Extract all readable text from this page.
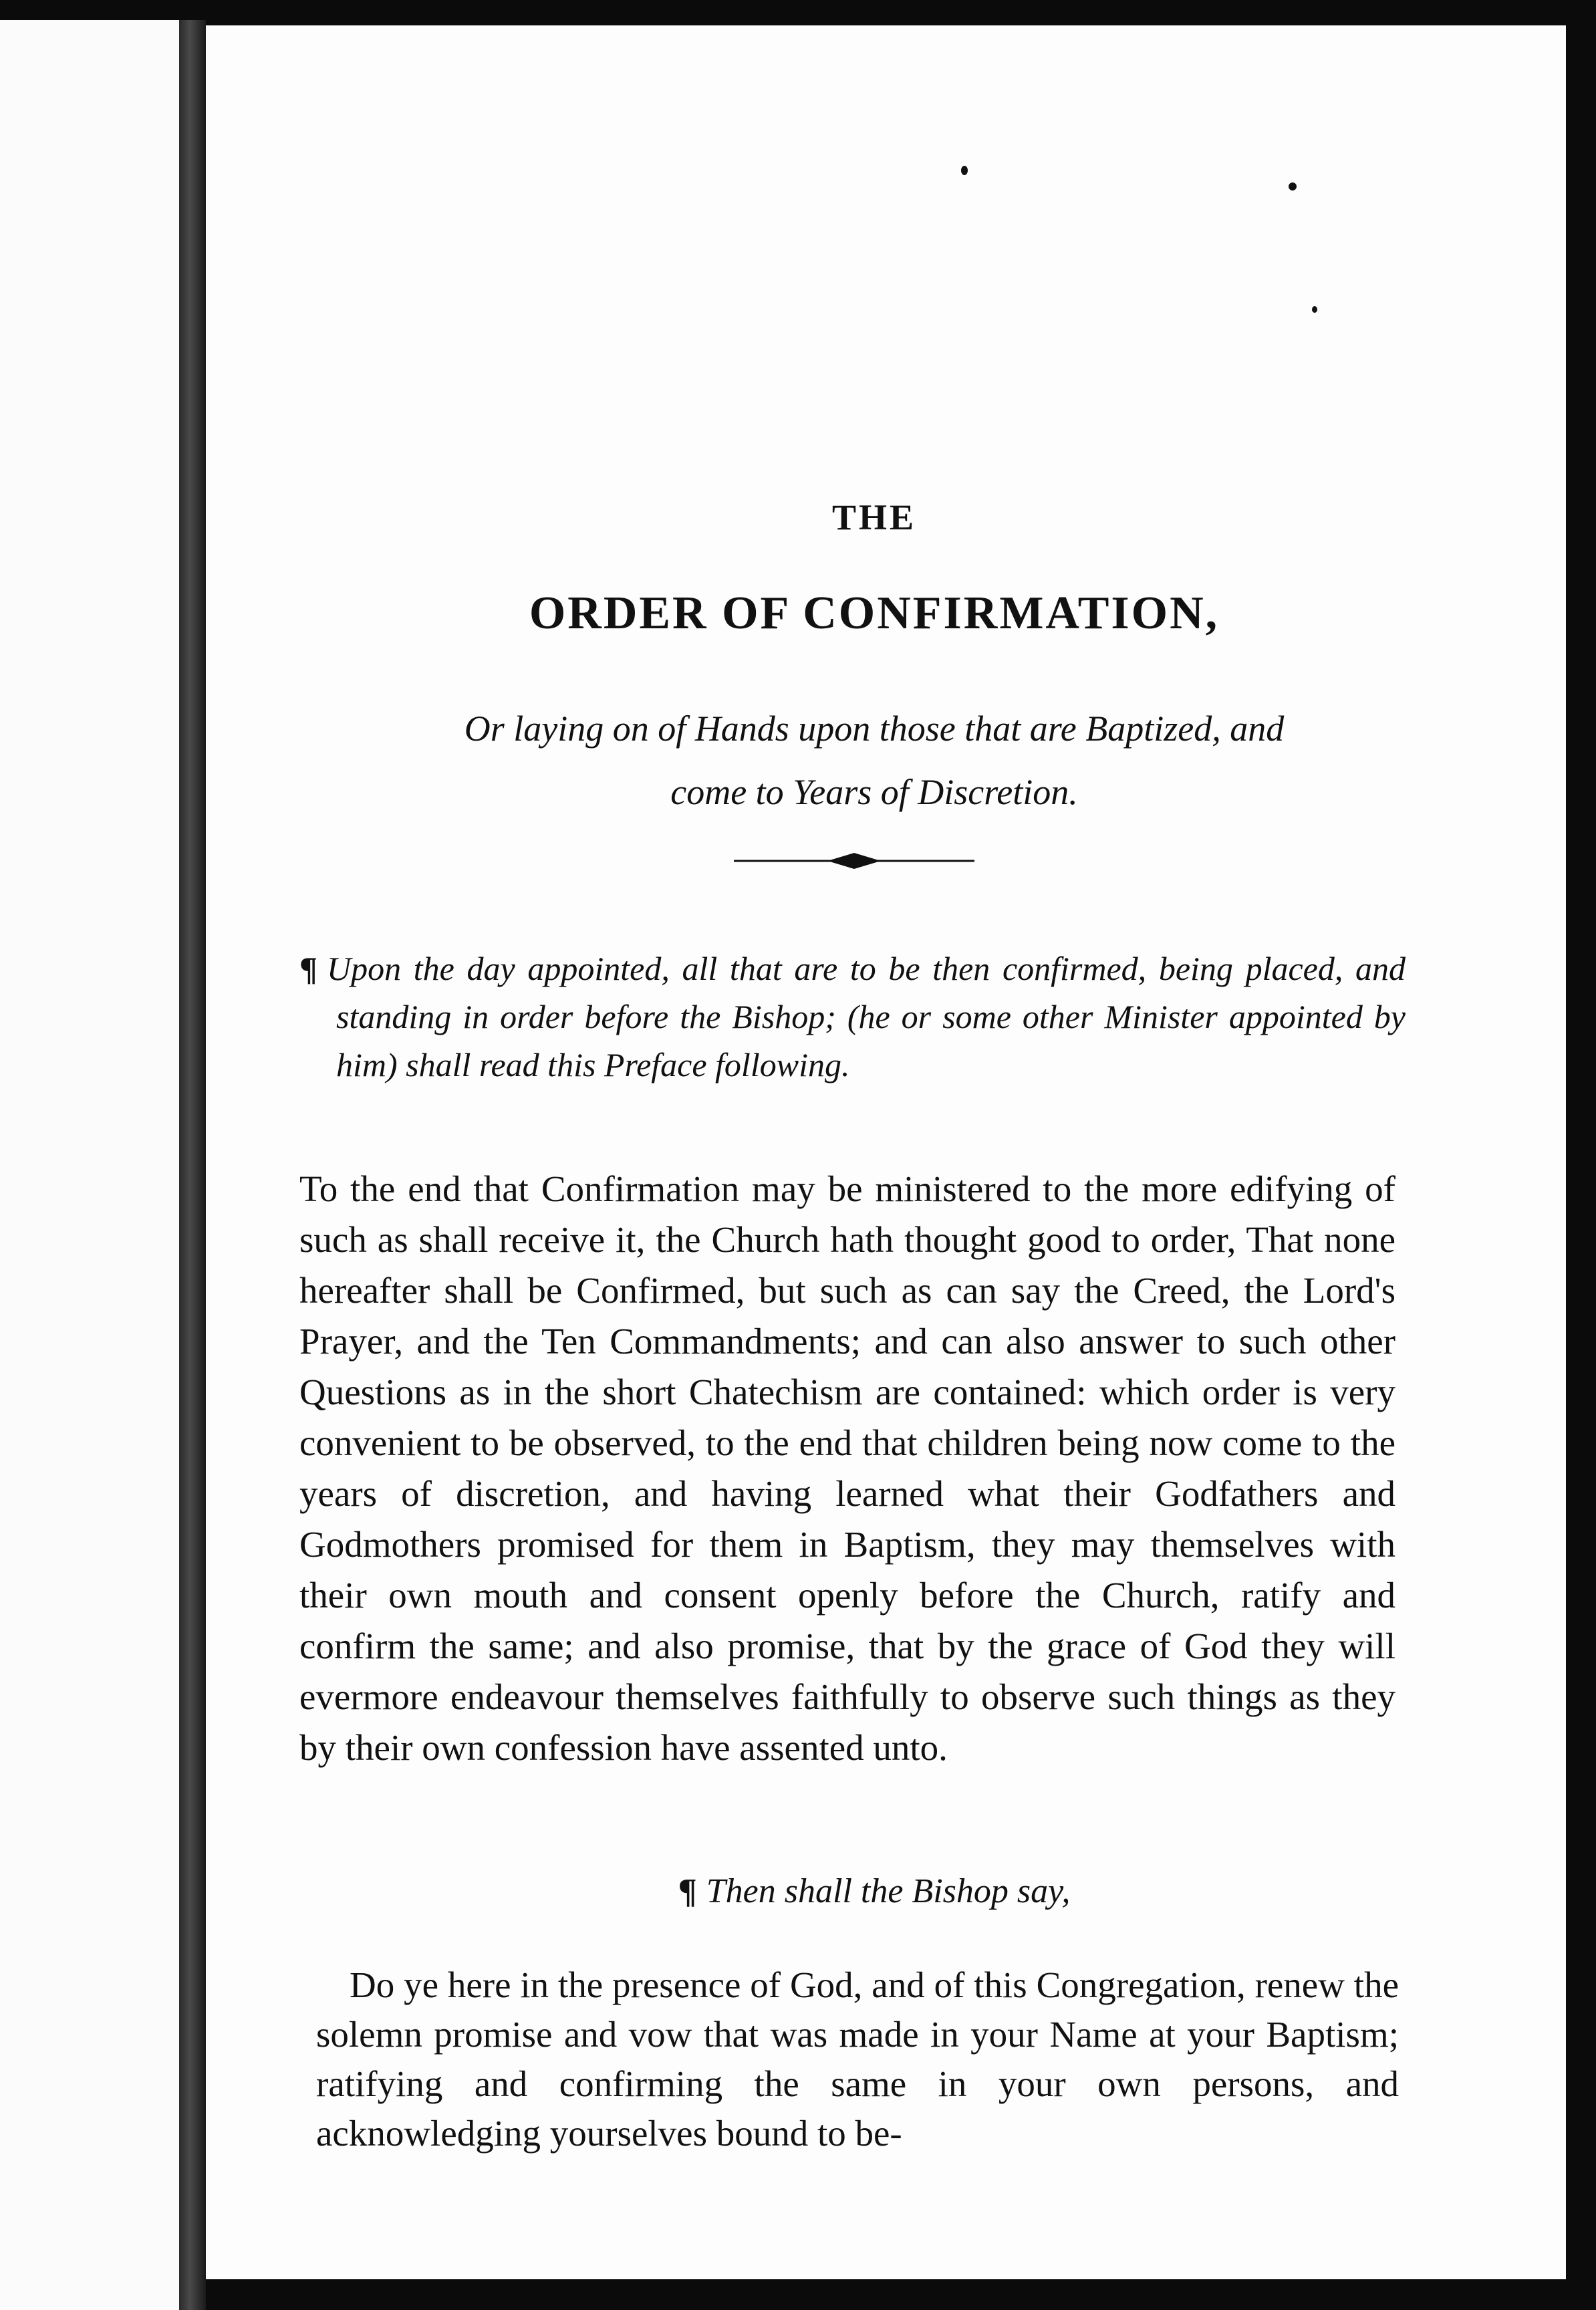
THE
ORDER OF CONFIRMATION,
Or laying on of Hands upon those that are Baptized, and
come to Years of Discretion.

¶ Upon the day appointed, all that are to be then confirmed, being placed, and standing in order before the Bishop; (he or some other Minister appointed by him) shall read this Preface following.

To the end that Confirmation may be ministered to the more edifying of such as shall receive it, the Church hath thought good to order, That none hereafter shall be Confirmed, but such as can say the Creed, the Lord's Prayer, and the Ten Commandments; and can also answer to such other Questions as in the short Chatechism are contained: which order is very convenient to be observed, to the end that children being now come to the years of discretion, and having learned what their Godfathers and Godmothers promised for them in Baptism, they may themselves with their own mouth and consent openly before the Church, ratify and confirm the same; and also promise, that by the grace of God they will evermore endeavour themselves faithfully to observe such things as they by their own confession have assented unto.

¶ Then shall the Bishop say,

Do ye here in the presence of God, and of this Congregation, renew the solemn promise and vow that was made in your Name at your Baptism; ratifying and confirming the same in your own persons, and acknowledging yourselves bound to be-
